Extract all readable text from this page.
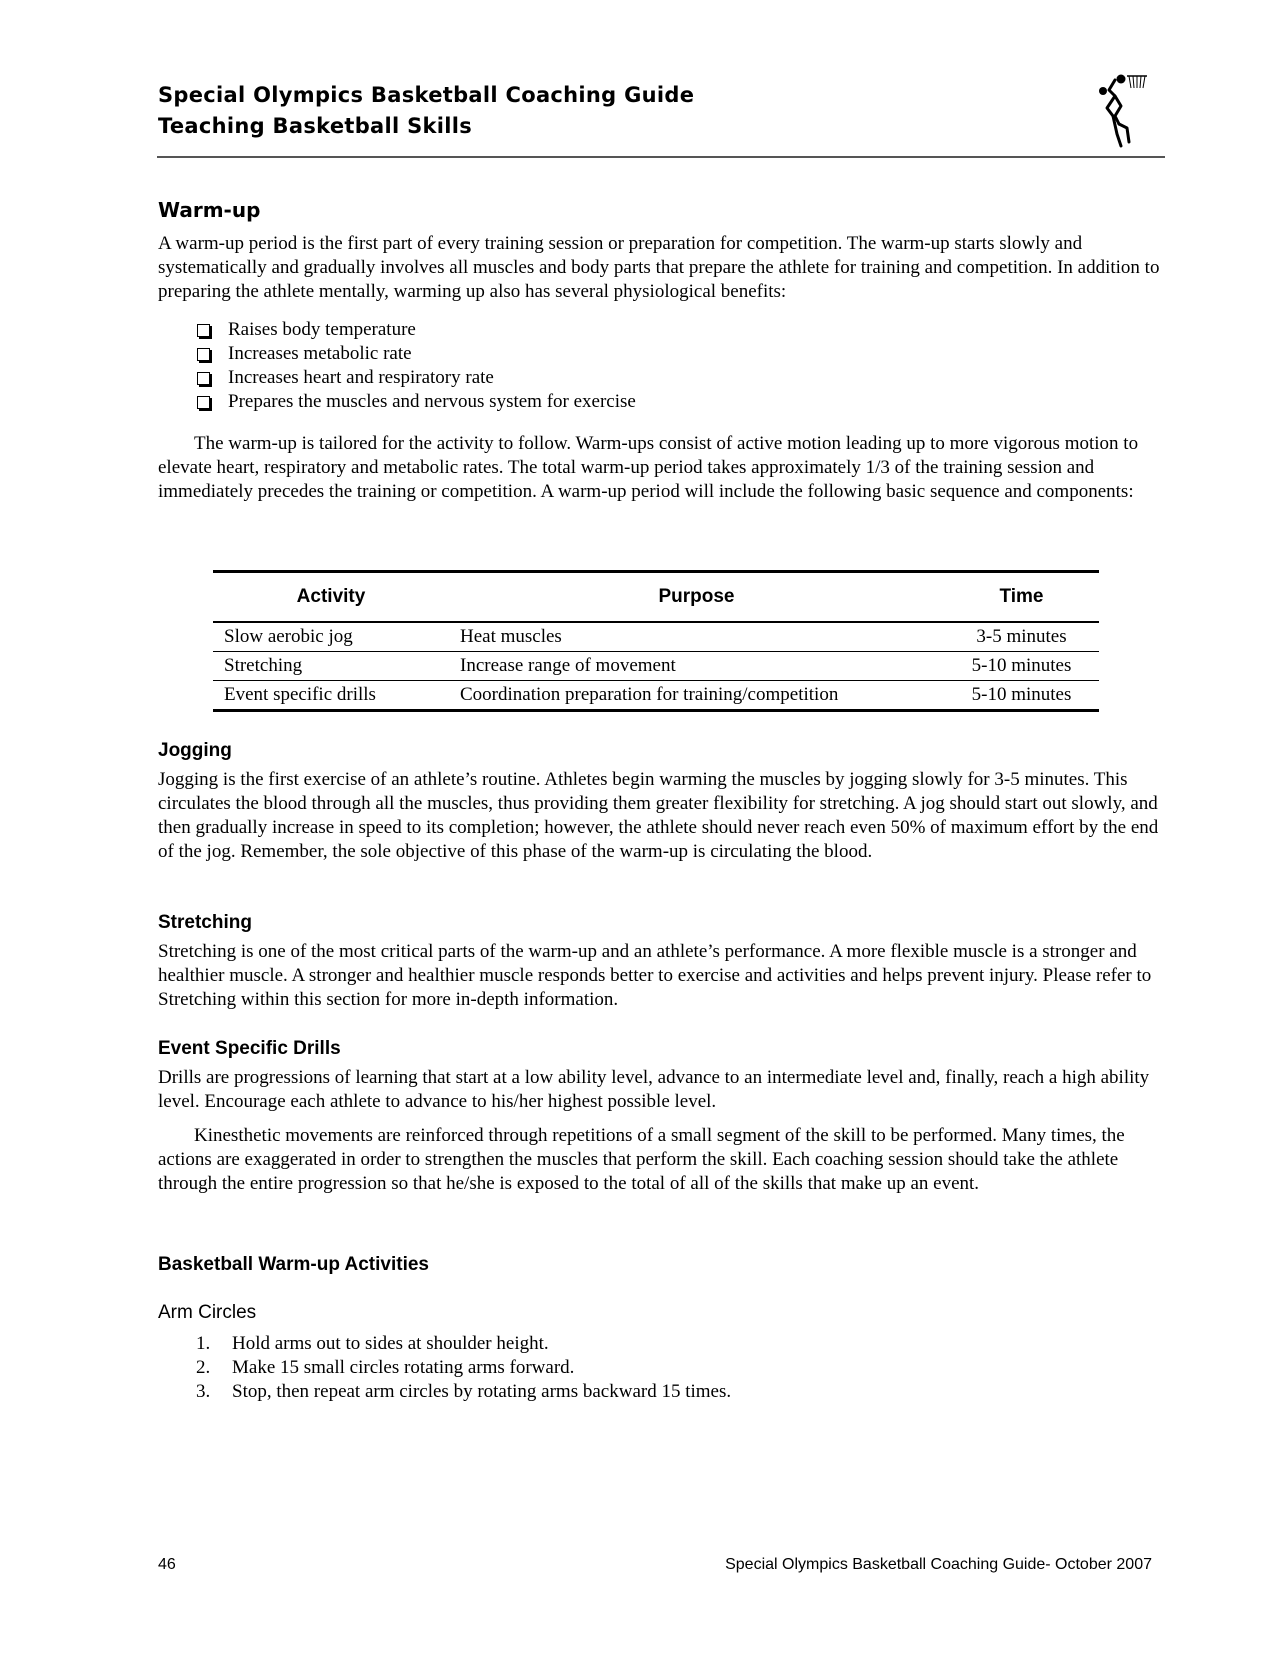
Special Olympics Basketball Coaching Guide
Teaching Basketball Skills
Warm-up

A warm-up period is the first part of every training session or preparation for competition. The warm-up starts slowly and systematically and gradually involves all muscles and body parts that prepare the athlete for training and competition. In addition to preparing the athlete mentally, warming up also has several physiological benefits:

Raises body temperature
Increases metabolic rate
Increases heart and respiratory rate
Prepares the muscles and nervous system for exercise

The warm-up is tailored for the activity to follow. Warm-ups consist of active motion leading up to more vigorous motion to elevate heart, respiratory and metabolic rates. The total warm-up period takes approximately 1/3 of the training session and immediately precedes the training or competition. A warm-up period will include the following basic sequence and components:

Activity	Purpose	Time
Slow aerobic jog	Heat muscles	3-5 minutes
Stretching	Increase range of movement	5-10 minutes
Event specific drills	Coordination preparation for training/competition	5-10 minutes
Jogging

Jogging is the first exercise of an athlete’s routine. Athletes begin warming the muscles by jogging slowly for 3-5 minutes. This circulates the blood through all the muscles, thus providing them greater flexibility for stretching. A jog should start out slowly, and then gradually increase in speed to its completion; however, the athlete should never reach even 50% of maximum effort by the end of the jog. Remember, the sole objective of this phase of the warm-up is circulating the blood.

Stretching

Stretching is one of the most critical parts of the warm-up and an athlete’s performance. A more flexible muscle is a stronger and healthier muscle. A stronger and healthier muscle responds better to exercise and activities and helps prevent injury. Please refer to Stretching within this section for more in-depth information.

Event Specific Drills

Drills are progressions of learning that start at a low ability level, advance to an intermediate level and, finally, reach a high ability level. Encourage each athlete to advance to his/her highest possible level.

Kinesthetic movements are reinforced through repetitions of a small segment of the skill to be performed. Many times, the actions are exaggerated in order to strengthen the muscles that perform the skill. Each coaching session should take the athlete through the entire progression so that he/she is exposed to the total of all of the skills that make up an event.

Basketball Warm-up Activities
Arm Circles
1.	Hold arms out to sides at shoulder height.
2.	Make 15 small circles rotating arms forward.
3.	Stop, then repeat arm circles by rotating arms backward 15 times.
46	Special Olympics Basketball Coaching Guide- October 2007
